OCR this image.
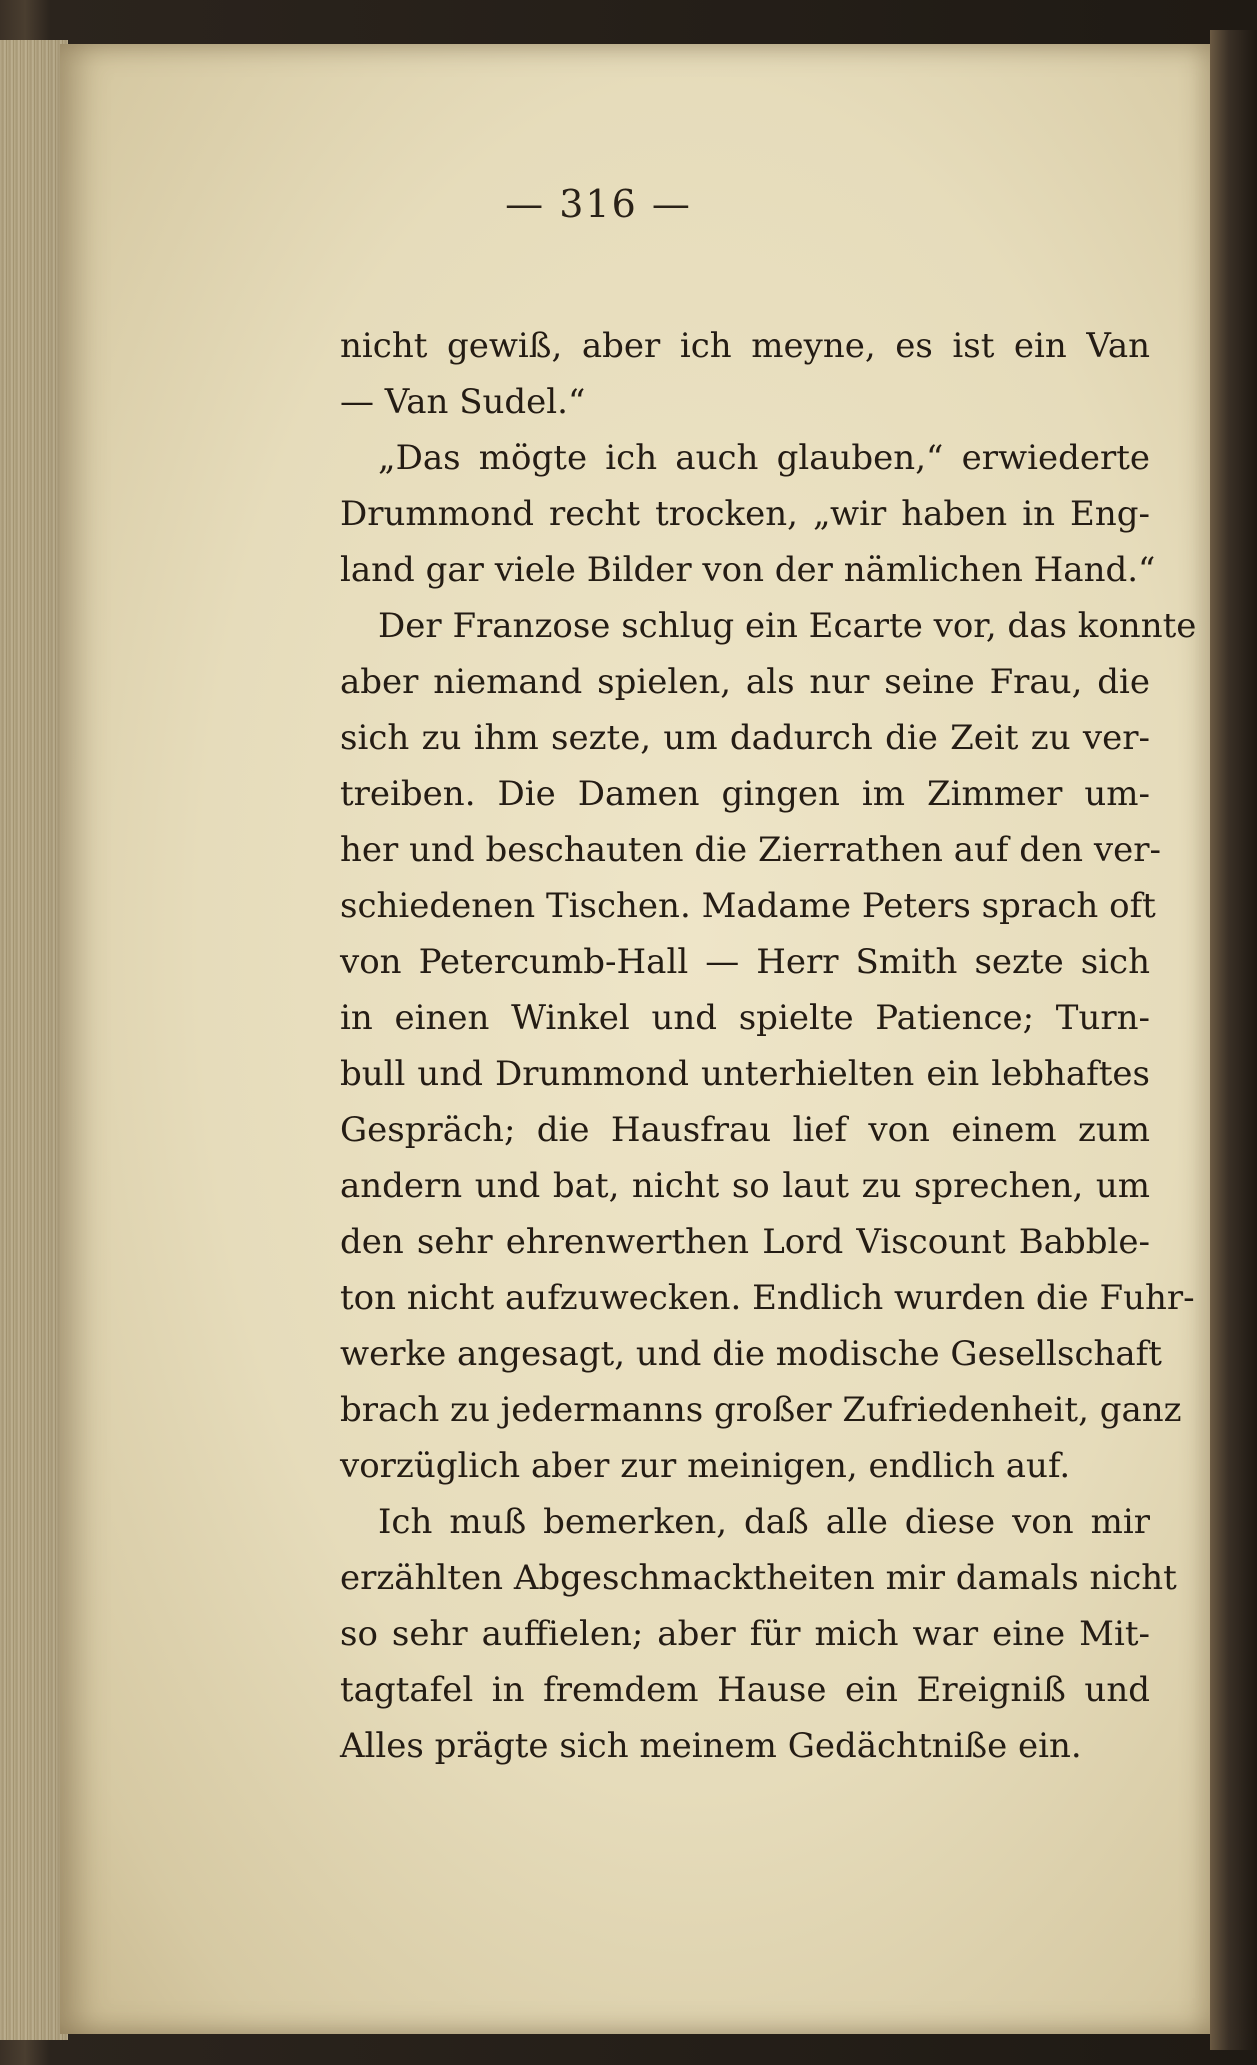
— 316 —
nicht gewiß, aber ich meyne, es ist ein Van
— Van Sudel.“
„Das mögte ich auch glauben,“ erwiederte
Drummond recht trocken, „wir haben in Eng-
land gar viele Bilder von der nämlichen Hand.“
Der Franzose schlug ein Ecarte vor, das konnte
aber niemand spielen, als nur seine Frau, die
sich zu ihm sezte, um dadurch die Zeit zu ver-
treiben. Die Damen gingen im Zimmer um-
her und beschauten die Zierrathen auf den ver-
schiedenen Tischen. Madame Peters sprach oft
von Petercumb-Hall — Herr Smith sezte sich
in einen Winkel und spielte Patience; Turn-
bull und Drummond unterhielten ein lebhaftes
Gespräch; die Hausfrau lief von einem zum
andern und bat, nicht so laut zu sprechen, um
den sehr ehrenwerthen Lord Viscount Babble-
ton nicht aufzuwecken. Endlich wurden die Fuhr-
werke angesagt, und die modische Gesellschaft
brach zu jedermanns großer Zufriedenheit, ganz
vorzüglich aber zur meinigen, endlich auf.
Ich muß bemerken, daß alle diese von mir
erzählten Abgeschmacktheiten mir damals nicht
so sehr auffielen; aber für mich war eine Mit-
tagtafel in fremdem Hause ein Ereigniß und
Alles prägte sich meinem Gedächtniße ein.
